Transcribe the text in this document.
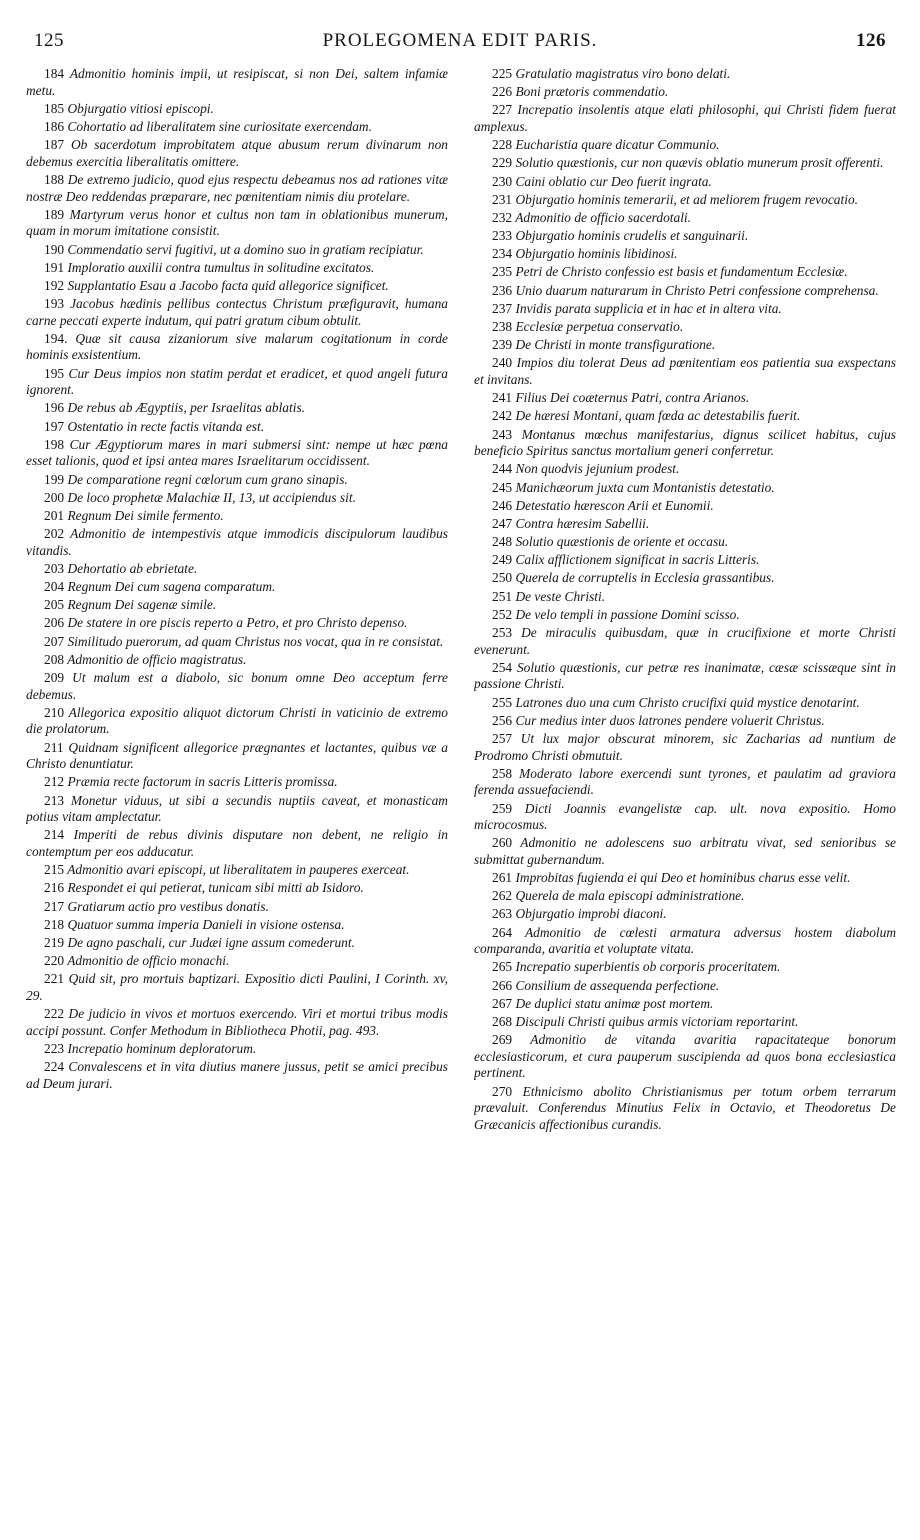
PROLEGOMENA EDIT PARIS.
125	126

184 Admonitio hominis impii, ut resipiscat, si non Dei, saltem infamiæ metu.

185 Objurgatio vitiosi episcopi.

186 Cohortatio ad liberalitatem sine curiositate exercendam.

187 Ob sacerdotum improbitatem atque abusum rerum divinarum non debemus exercitia liberalitatis omittere.

188 De extremo judicio, quod ejus respectu debeamus nos ad rationes vitæ nostræ Deo reddendas præparare, nec pœnitentiam nimis diu protelare.

189 Martyrum verus honor et cultus non tam in oblationibus munerum, quam in morum imitatione consistit.

190 Commendatio servi fugitivi, ut a domino suo in gratiam recipiatur.

191 Imploratio auxilii contra tumultus in solitudine excitatos.

192 Supplantatio Esau a Jacobo facta quid allegorice significet.

193 Jacobus hædinis pellibus contectus Christum præfiguravit, humana carne peccati experte indutum, qui patri gratum cibum obtulit.

194. Quæ sit causa zizaniorum sive malarum cogitationum in corde hominis exsistentium.

195 Cur Deus impios non statim perdat et eradicet, et quod angeli futura ignorent.

196 De rebus ab Ægyptiis, per Israelitas ablatis.

197 Ostentatio in recte factis vitanda est.

198 Cur Ægyptiorum mares in mari submersi sint: nempe ut hæc pœna esset talionis, quod et ipsi antea mares Israelitarum occidissent.

199 De comparatione regni cœlorum cum grano sinapis.

200 De loco prophetæ Malachiæ II, 13, ut accipiendus sit.

201 Regnum Dei simile fermento.

202 Admonitio de intempestivis atque immodicis discipulorum laudibus vitandis.

203 Dehortatio ab ebrietate.

204 Regnum Dei cum sagena comparatum.

205 Regnum Dei sagenæ simile.

206 De statere in ore piscis reperto a Petro, et pro Christo depenso.

207 Similitudo puerorum, ad quam Christus nos vocat, qua in re consistat.

208 Admonitio de officio magistratus.

209 Ut malum est a diabolo, sic bonum omne Deo acceptum ferre debemus.

210 Allegorica expositio aliquot dictorum Christi in vaticinio de extremo die prolatorum.

211 Quidnam significent allegorice prægnantes et lactantes, quibus væ a Christo denuntiatur.

212 Præmia recte factorum in sacris Litteris promissa.

213 Monetur viduus, ut sibi a secundis nuptiis caveat, et monasticam potius vitam amplectatur.

214 Imperiti de rebus divinis disputare non debent, ne religio in contemptum per eos adducatur.

215 Admonitio avari episcopi, ut liberalitatem in pauperes exerceat.

216 Respondet ei qui petierat, tunicam sibi mitti ab Isidoro.

217 Gratiarum actio pro vestibus donatis.

218 Quatuor summa imperia Danieli in visione ostensa.

219 De agno paschali, cur Judæi igne assum comederunt.

220 Admonitio de officio monachi.

221 Quid sit, pro mortuis baptizari. Expositio dicti Paulini, I Corinth. xv, 29.

222 De judicio in vivos et mortuos exercendo. Viri et mortui tribus modis accipi possunt. Confer Methodum in Bibliotheca Photii, pag. 493.

223 Increpatio hominum deploratorum.

224 Convalescens et in vita diutius manere jussus, petit se amici precibus ad Deum jurari.

225 Gratulatio magistratus viro bono delati.

226 Boni prætoris commendatio.

227 Increpatio insolentis atque elati philosophi, qui Christi fidem fuerat amplexus.

228 Eucharistia quare dicatur Communio.

229 Solutio quæstionis, cur non quævis oblatio munerum prosit offerenti.

230 Caini oblatio cur Deo fuerit ingrata.

231 Objurgatio hominis temerarii, et ad meliorem frugem revocatio.

232 Admonitio de officio sacerdotali.

233 Objurgatio hominis crudelis et sanguinarii.

234 Objurgatio hominis libidinosi.

235 Petri de Christo confessio est basis et fundamentum Ecclesiæ.

236 Unio duarum naturarum in Christo Petri confessione comprehensa.

237 Invidis parata supplicia et in hac et in altera vita.

238 Ecclesiæ perpetua conservatio.

239 De Christi in monte transfiguratione.

240 Impios diu tolerat Deus ad pœnitentiam eos patientia sua exspectans et invitans.

241 Filius Dei coæternus Patri, contra Arianos.

242 De hæresi Montani, quam fœda ac detestabilis fuerit.

243 Montanus mœchus manifestarius, dignus scilicet habitus, cujus beneficio Spiritus sanctus mortalium generi conferretur.

244 Non quodvis jejunium prodest.

245 Manichæorum juxta cum Montanistis detestatio.

246 Detestatio hærescon Arii et Eunomii.

247 Contra hæresim Sabellii.

248 Solutio quæstionis de oriente et occasu.

249 Calix afflictionem significat in sacris Litteris.

250 Querela de corruptelis in Ecclesia grassantibus.

251 De veste Christi.

252 De velo templi in passione Domini scisso.

253 De miraculis quibusdam, quæ in crucifixione et morte Christi evenerunt.

254 Solutio quæstionis, cur petræ res inanimatæ, cæsæ scissæque sint in passione Christi.

255 Latrones duo una cum Christo crucifixi quid mystice denotarint.

256 Cur medius inter duos latrones pendere voluerit Christus.

257 Ut lux major obscurat minorem, sic Zacharias ad nuntium de Prodromo Christi obmutuit.

258 Moderato labore exercendi sunt tyrones, et paulatim ad graviora ferenda assuefaciendi.

259 Dicti Joannis evangelistæ cap. ult. nova expositio. Homo microcosmus.

260 Admonitio ne adolescens suo arbitratu vivat, sed senioribus se submittat gubernandum.

261 Improbitas fugienda ei qui Deo et hominibus charus esse velit.

262 Querela de mala episcopi administratione.

263 Objurgatio improbi diaconi.

264 Admonitio de cœlesti armatura adversus hostem diabolum comparanda, avaritia et voluptate vitata.

265 Increpatio superbientis ob corporis proceritatem.

266 Consilium de assequenda perfectione.

267 De duplici statu animæ post mortem.

268 Discipuli Christi quibus armis victoriam reportarint.

269 Admonitio de vitanda avaritia rapacitateque bonorum ecclesiasticorum, et cura pauperum suscipienda ad quos bona ecclesiastica pertinent.

270 Ethnicismo abolito Christianismus per totum orbem terrarum prævaluit. Conferendus Minutius Felix in Octavio, et Theodoretus De Græcanicis affectionibus curandis.
